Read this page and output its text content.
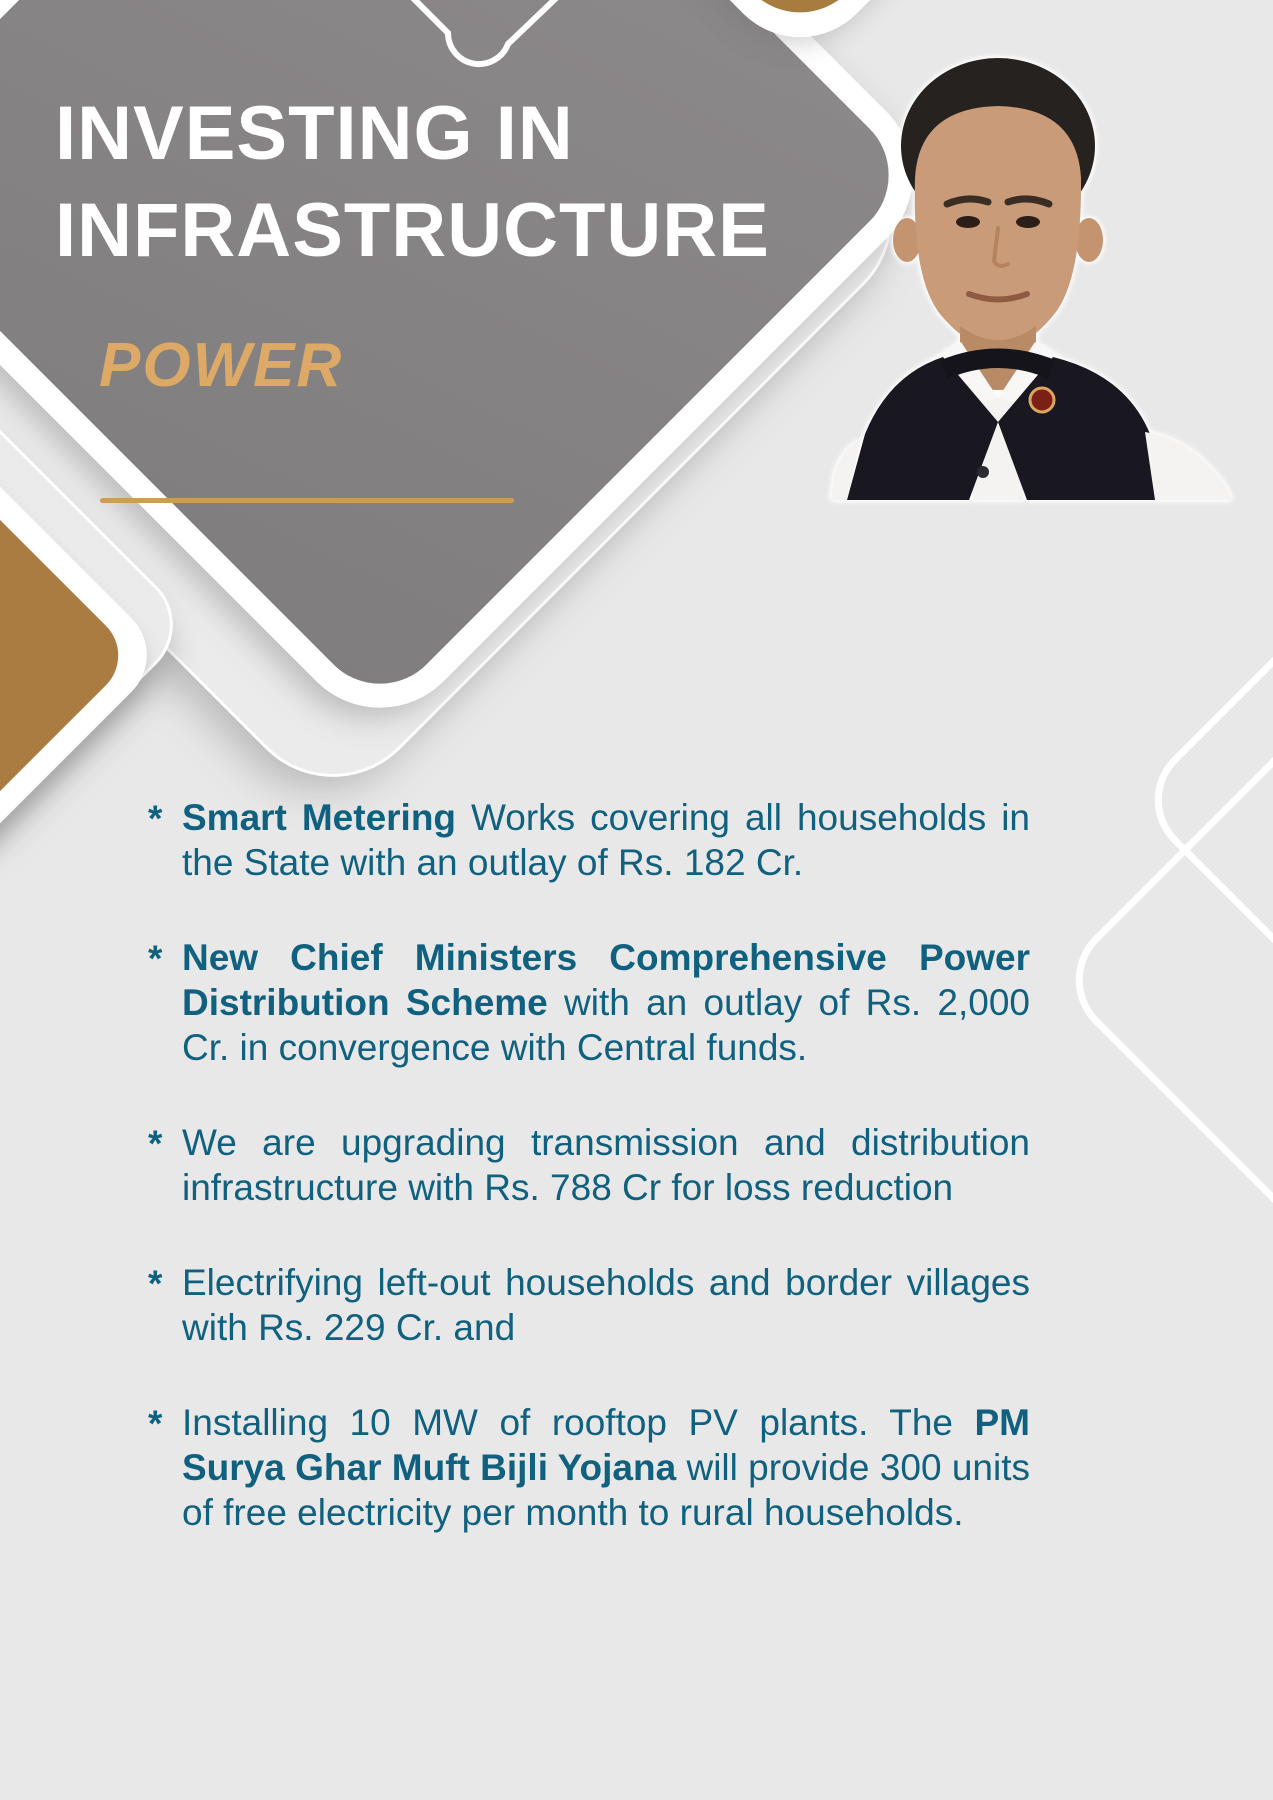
INVESTING IN
INFRASTRUCTURE
POWER
* Smart Metering Works covering all households in the State with an outlay of Rs. 182 Cr.
* New Chief Ministers Comprehensive Power Distribution Scheme with an outlay of Rs. 2,000 Cr. in convergence with Central funds.
* We are upgrading transmission and distribution infrastructure with Rs. 788 Cr for loss reduction
* Electrifying left-out households and border villages with Rs. 229 Cr. and
* Installing 10 MW of rooftop PV plants. The PM Surya Ghar Muft Bijli Yojana will provide 300 units of free electricity per month to rural households.
